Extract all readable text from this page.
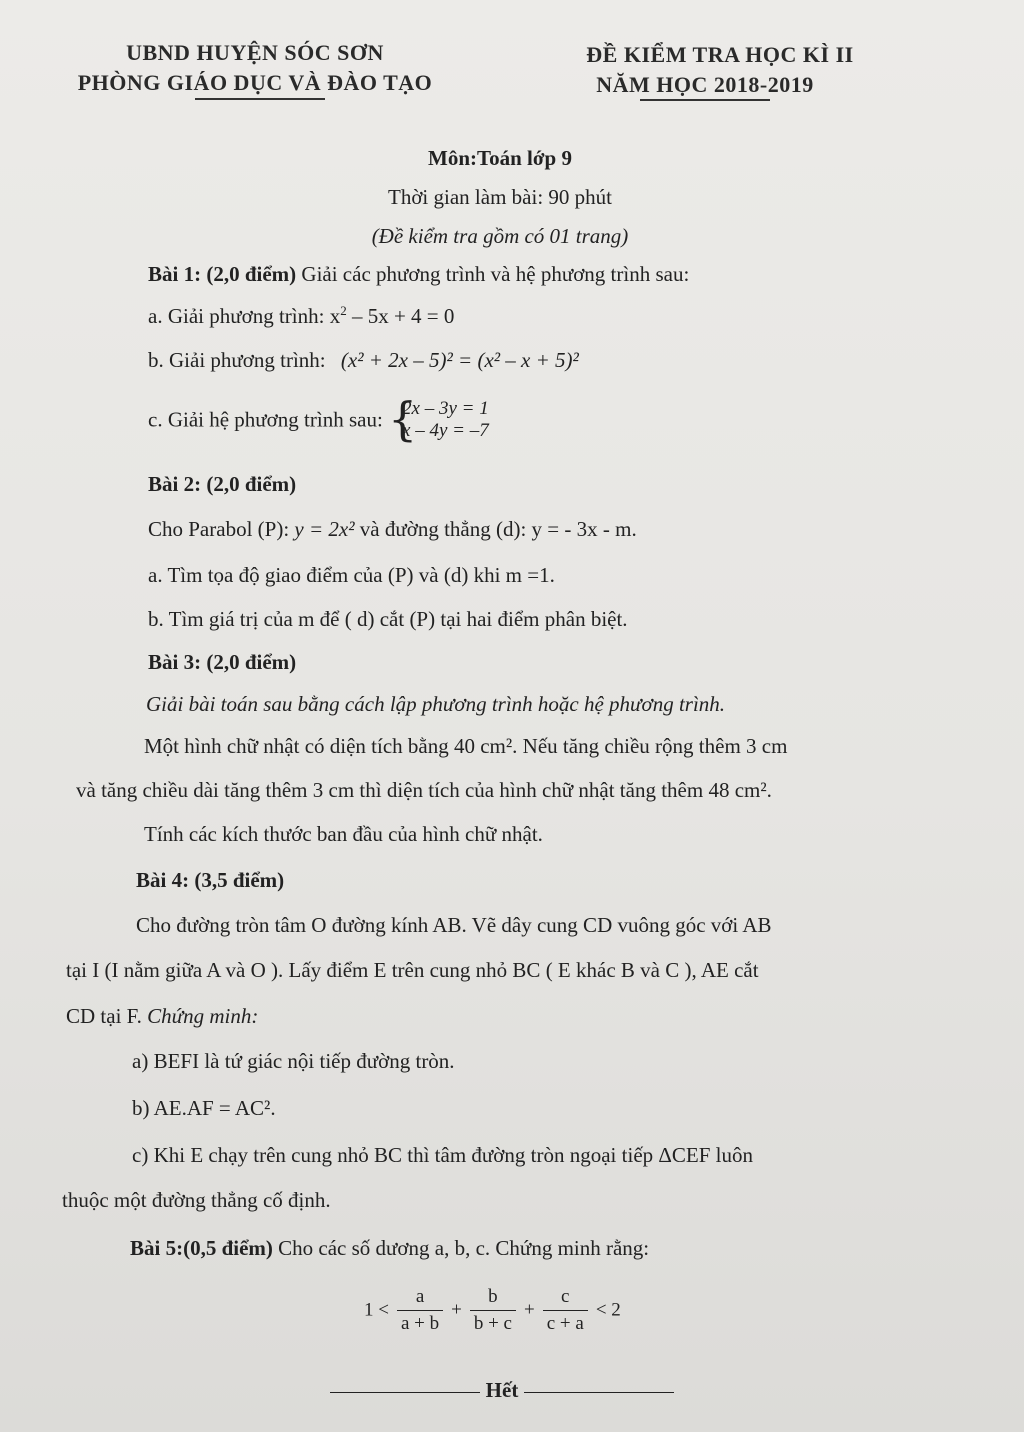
UBND HUYỆN SÓC SƠN
PHÒNG GIÁO DỤC VÀ ĐÀO TẠO
ĐỀ KIỂM TRA HỌC KÌ II
NĂM HỌC 2018-2019
Môn:Toán lớp 9
Thời gian làm bài: 90 phút
(Đề kiểm tra gồm có 01 trang)
Bài 1: (2,0 điểm) Giải các phương trình và hệ phương trình sau:
a. Giải phương trình: $x^2 - 5x + 4 = 0$
b. Giải phương trình: (x² + 2x – 5)² = (x² – x + 5)²
c. Giải hệ phương trình sau: {
2x – 3y = 1
x – 4y = –7
Bài 2: (2,0 điểm)
Cho Parabol (P): y = 2x² và đường thẳng (d): y = - 3x - m.
a. Tìm tọa độ giao điểm của (P) và (d) khi m =1.
b. Tìm giá trị của m để ( d) cắt (P) tại hai điểm phân biệt.
Bài 3: (2,0 điểm)
Giải bài toán sau bằng cách lập phương trình hoặc hệ phương trình.
Một hình chữ nhật có diện tích bằng 40 cm². Nếu tăng chiều rộng thêm 3 cm
và tăng chiều dài tăng thêm 3 cm thì diện tích của hình chữ nhật tăng thêm 48 cm².
Tính các kích thước ban đầu của hình chữ nhật.
Bài 4: (3,5 điểm)
Cho đường tròn tâm O đường kính AB. Vẽ dây cung CD vuông góc với AB
tại I (I nằm giữa A và O ). Lấy điểm E trên cung nhỏ BC ( E khác B và C ), AE cắt
CD tại F. Chứng minh:
a) BEFI là tứ giác nội tiếp đường tròn.
b) AE.AF = AC².
c) Khi E chạy trên cung nhỏ BC thì tâm đường tròn ngoại tiếp ΔCEF luôn
thuộc một đường thẳng cố định.
Bài 5:(0,5 điểm) Cho các số dương a, b, c. Chứng minh rằng:
$1 < \frac{a}{a + b} + \frac{b}{b + c} + \frac{c}{c + a} < 2$
Hết
